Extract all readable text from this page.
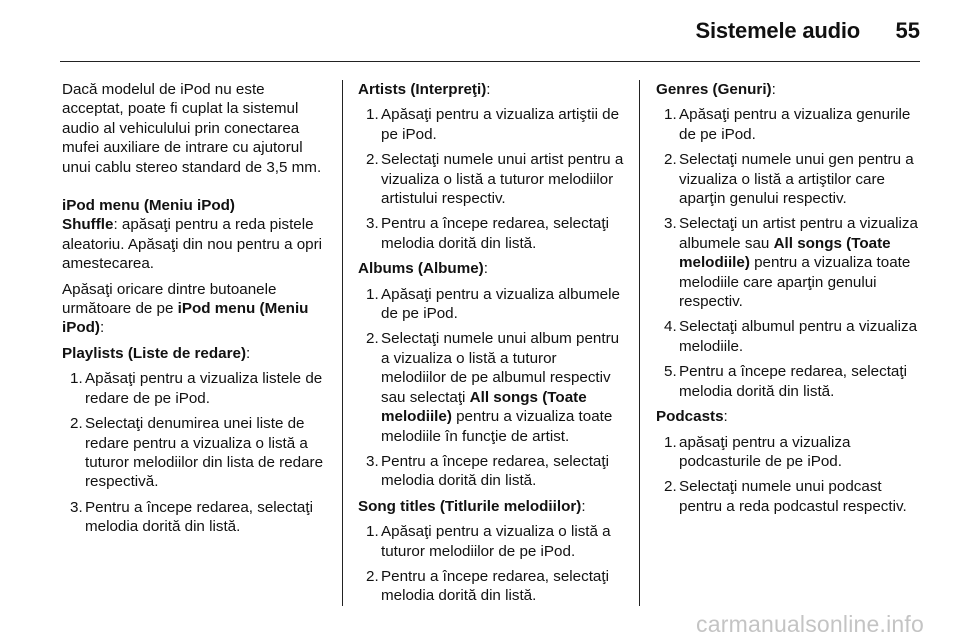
Sistemele audio 55

Dacă modelul de iPod nu este acceptat, poate fi cuplat la sistemul audio al vehiculului prin conectarea mufei auxiliare de intrare cu ajutorul unui cablu stereo standard de 3,5 mm.

iPod menu (Meniu iPod)

Shuffle: apăsaţi pentru a reda pistele aleatoriu. Apăsaţi din nou pentru a opri amestecarea.

Apăsaţi oricare dintre butoanele următoare de pe iPod menu (Meniu iPod):

Playlists (Liste de redare):

1. Apăsaţi pentru a vizualiza listele de redare de pe iPod.
2. Selectaţi denumirea unei liste de redare pentru a vizualiza o listă a tuturor melodiilor din lista de redare respectivă.
3. Pentru a începe redarea, selectaţi melodia dorită din listă.

Artists (Interpreţi):

1. Apăsaţi pentru a vizualiza artiştii de pe iPod.
2. Selectaţi numele unui artist pentru a vizualiza o listă a tuturor melodiilor artistului respectiv.
3. Pentru a începe redarea, selectaţi melodia dorită din listă.

Albums (Albume):

1. Apăsaţi pentru a vizualiza albumele de pe iPod.
2. Selectaţi numele unui album pentru a vizualiza o listă a tuturor melodiilor de pe albumul respectiv sau selectaţi All songs (Toate melodiile) pentru a vizualiza toate melodiile în funcţie de artist.
3. Pentru a începe redarea, selectaţi melodia dorită din listă.

Song titles (Titlurile melodiilor):

1. Apăsaţi pentru a vizualiza o listă a tuturor melodiilor de pe iPod.
2. Pentru a începe redarea, selectaţi melodia dorită din listă.

Genres (Genuri):

1. Apăsaţi pentru a vizualiza genurile de pe iPod.
2. Selectaţi numele unui gen pentru a vizualiza o listă a artiştilor care aparţin genului respectiv.
3. Selectaţi un artist pentru a vizualiza albumele sau All songs (Toate melodiile) pentru a vizualiza toate melodiile care aparţin genului respectiv.
4. Selectaţi albumul pentru a vizualiza melodiile.
5. Pentru a începe redarea, selectaţi melodia dorită din listă.

Podcasts:

1. apăsaţi pentru a vizualiza podcasturile de pe iPod.
2. Selectaţi numele unui podcast pentru a reda podcastul respectiv.
carmanualsonline.info
